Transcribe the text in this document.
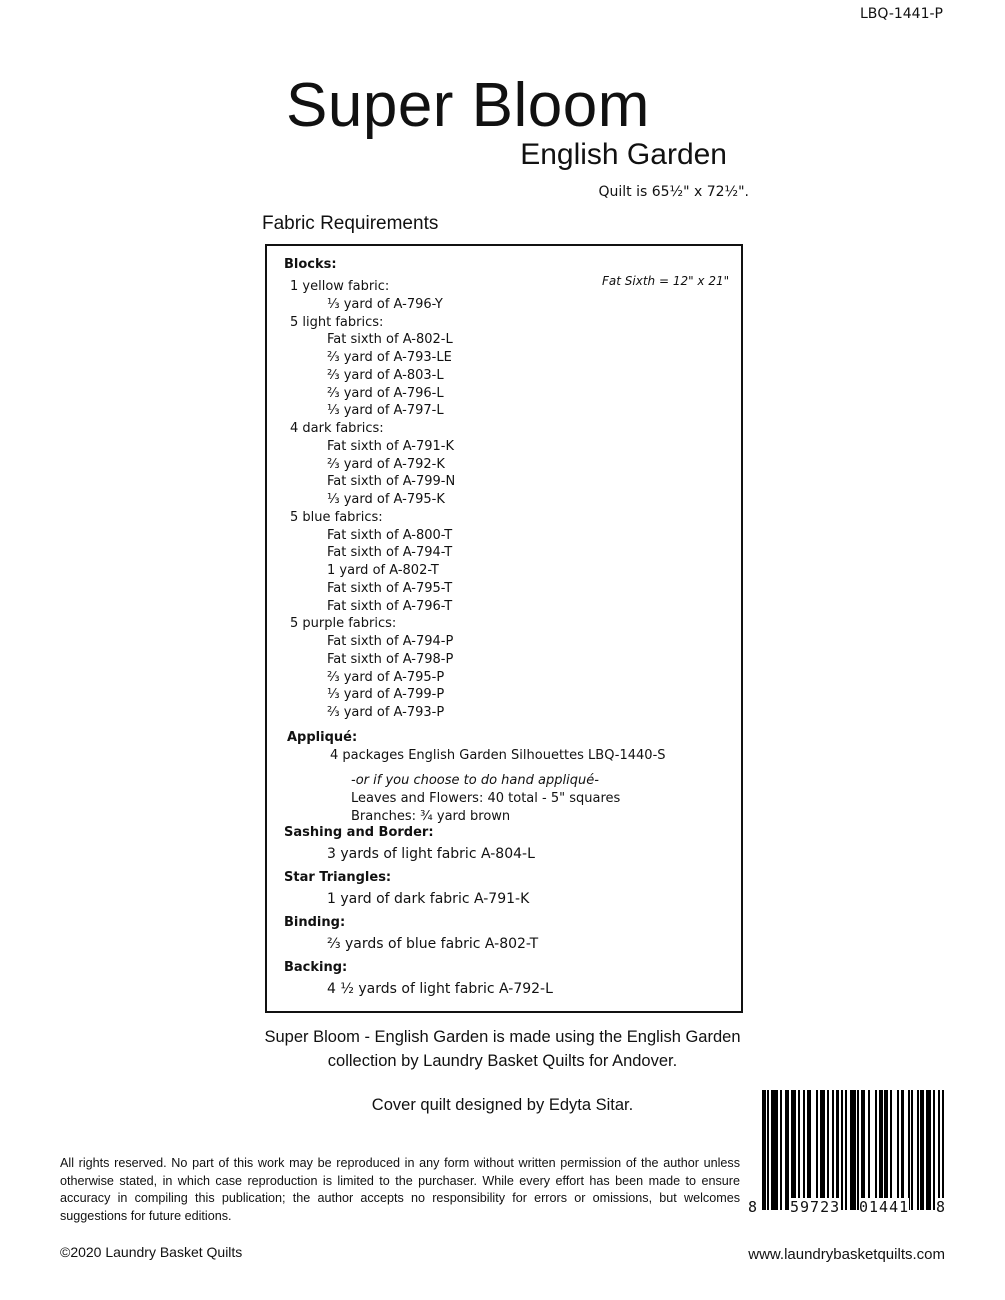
LBQ-1441-P
Super Bloom
English Garden
Quilt is 65½" x 72½".
Fabric Requirements
Fat Sixth = 12" x 21"
Blocks:
1 yellow fabric:
⅓ yard of A-796-Y
5 light fabrics:
Fat sixth of A-802-L
⅔ yard of A-793-LE
⅔ yard of A-803-L
⅔ yard of A-796-L
⅓ yard of A-797-L
4 dark fabrics:
Fat sixth of A-791-K
⅔ yard of A-792-K
Fat sixth of A-799-N
⅓ yard of A-795-K
5 blue fabrics:
Fat sixth of A-800-T
Fat sixth of A-794-T
1 yard of A-802-T
Fat sixth of A-795-T
Fat sixth of A-796-T
5 purple fabrics:
Fat sixth of A-794-P
Fat sixth of A-798-P
⅔ yard of A-795-P
⅓ yard of A-799-P
⅔ yard of A-793-P
Appliqué:
4 packages English Garden Silhouettes LBQ-1440-S
-or if you choose to do hand appliqué-
Leaves and Flowers: 40 total - 5" squares
Branches: ¾ yard brown
Sashing and Border:
3 yards of light fabric A-804-L
Star Triangles:
1 yard of dark fabric A-791-K
Binding:
⅔ yards of blue fabric A-802-T
Backing:
4 ½ yards of light fabric A-792-L
Super Bloom - English Garden is made using the English Garden
collection by Laundry Basket Quilts for Andover.
Cover quilt designed by Edyta Sitar.
All rights reserved. No part of this work may be reproduced in any form without written permission of the author unless otherwise stated, in which case reproduction is limited to the purchaser. While every effort has been made to ensure accuracy in compiling this publication; the author accepts no responsibility for errors or omissions, but welcomes suggestions for future editions.
©2020 Laundry Basket Quilts	www.laundrybasketquilts.com
8 59723 01441 8
